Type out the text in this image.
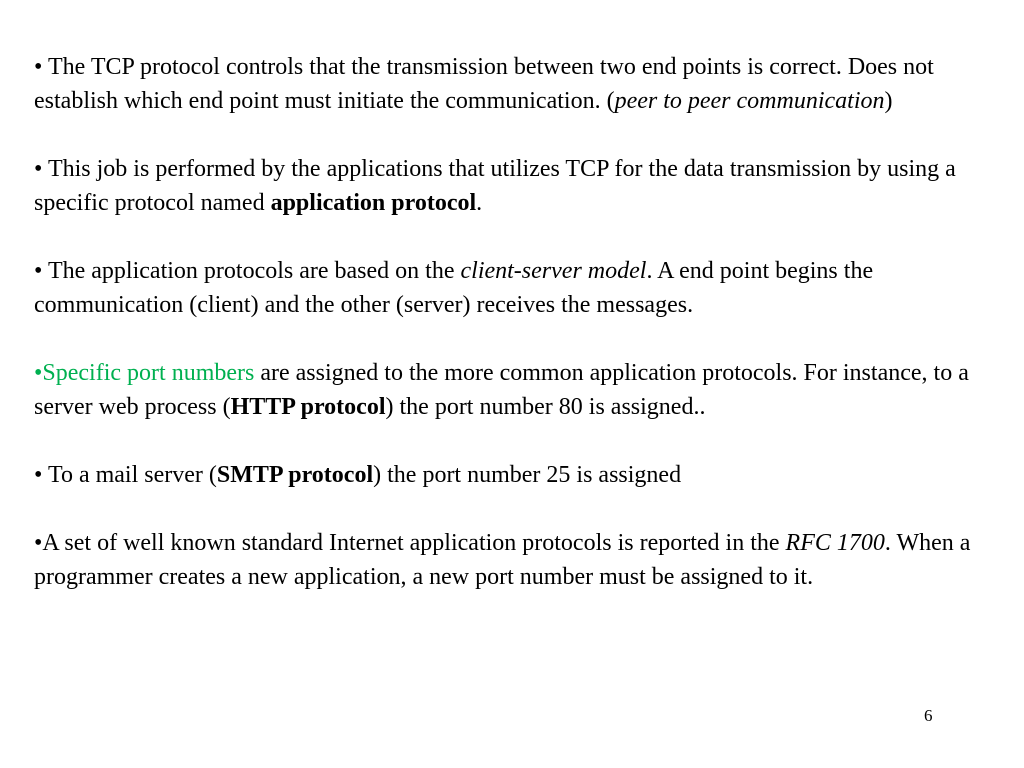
• The TCP protocol controls that the transmission between two end points is correct. Does not establish which end point must initiate the communication. (peer to peer communication)

• This job is performed by the applications that utilizes TCP for the data transmission by using a specific protocol named application protocol.

• The application protocols are based on the client-server model. A end point begins the communication (client) and the other (server) receives the messages.

•Specific port numbers are assigned to the more common application protocols. For instance, to a server web process (HTTP protocol) the port number 80 is assigned..

• To a mail server (SMTP protocol) the port number 25 is assigned

•A set of well known standard Internet application protocols is reported in the RFC 1700. When a programmer creates a new application, a new port number must be assigned to it.

6
